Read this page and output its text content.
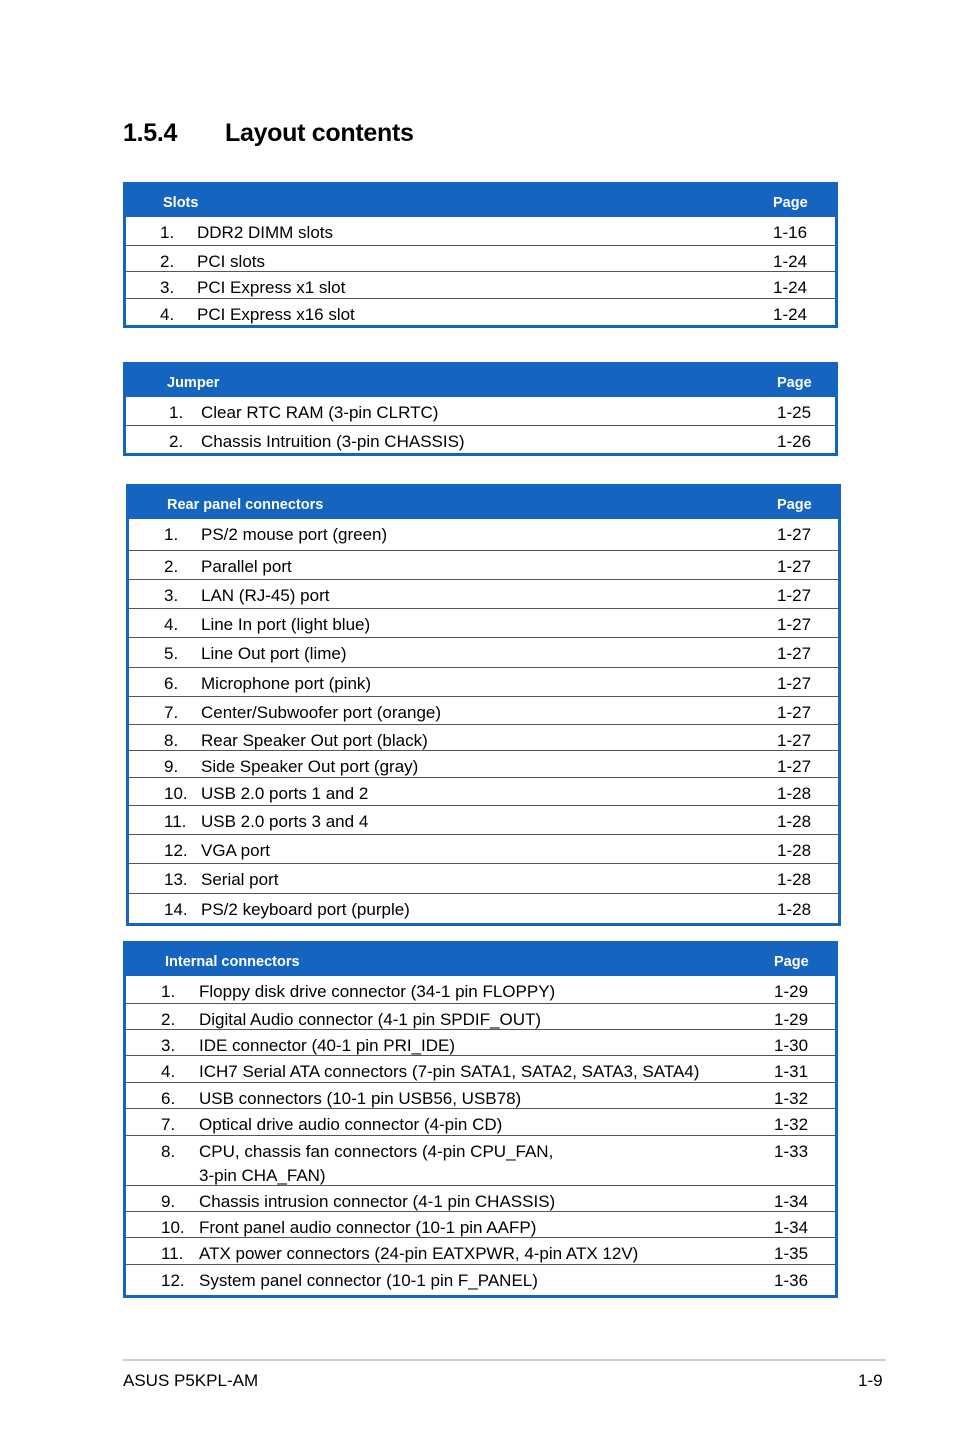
1.5.4 Layout contents
Slots	Page
1. DDR2 DIMM slots	1-16
2. PCI slots	1-24
3. PCI Express x1 slot	1-24
4. PCI Express x16 slot	1-24
Jumper	Page
1. Clear RTC RAM (3-pin CLRTC)	1-25
2. Chassis Intruition (3-pin CHASSIS)	1-26
Rear panel connectors	Page
1. PS/2 mouse port (green)	1-27
2. Parallel port	1-27
3. LAN (RJ-45) port	1-27
4. Line In port (light blue)	1-27
5. Line Out port (lime)	1-27
6. Microphone port (pink)	1-27
7. Center/Subwoofer port (orange)	1-27
8. Rear Speaker Out port (black)	1-27
9. Side Speaker Out port (gray)	1-27
10. USB 2.0 ports 1 and 2	1-28
11. USB 2.0 ports 3 and 4	1-28
12. VGA port	1-28
13. Serial port	1-28
14. PS/2 keyboard port (purple)	1-28
Internal connectors	Page
1. Floppy disk drive connector (34-1 pin FLOPPY)	1-29
2. Digital Audio connector (4-1 pin SPDIF_OUT)	1-29
3. IDE connector (40-1 pin PRI_IDE)	1-30
4. ICH7 Serial ATA connectors (7-pin SATA1, SATA2, SATA3, SATA4)	1-31
6. USB connectors (10-1 pin USB56, USB78)	1-32
7. Optical drive audio connector (4-pin CD)	1-32
8. CPU, chassis fan connectors (4-pin CPU_FAN,	1-33
3-pin CHA_FAN)
9. Chassis intrusion connector (4-1 pin CHASSIS)	1-34
10. Front panel audio connector (10-1 pin AAFP)	1-34
11. ATX power connectors (24-pin EATXPWR, 4-pin ATX 12V)	1-35
12. System panel connector (10-1 pin F_PANEL)	1-36
ASUS P5KPL-AM	1-9
